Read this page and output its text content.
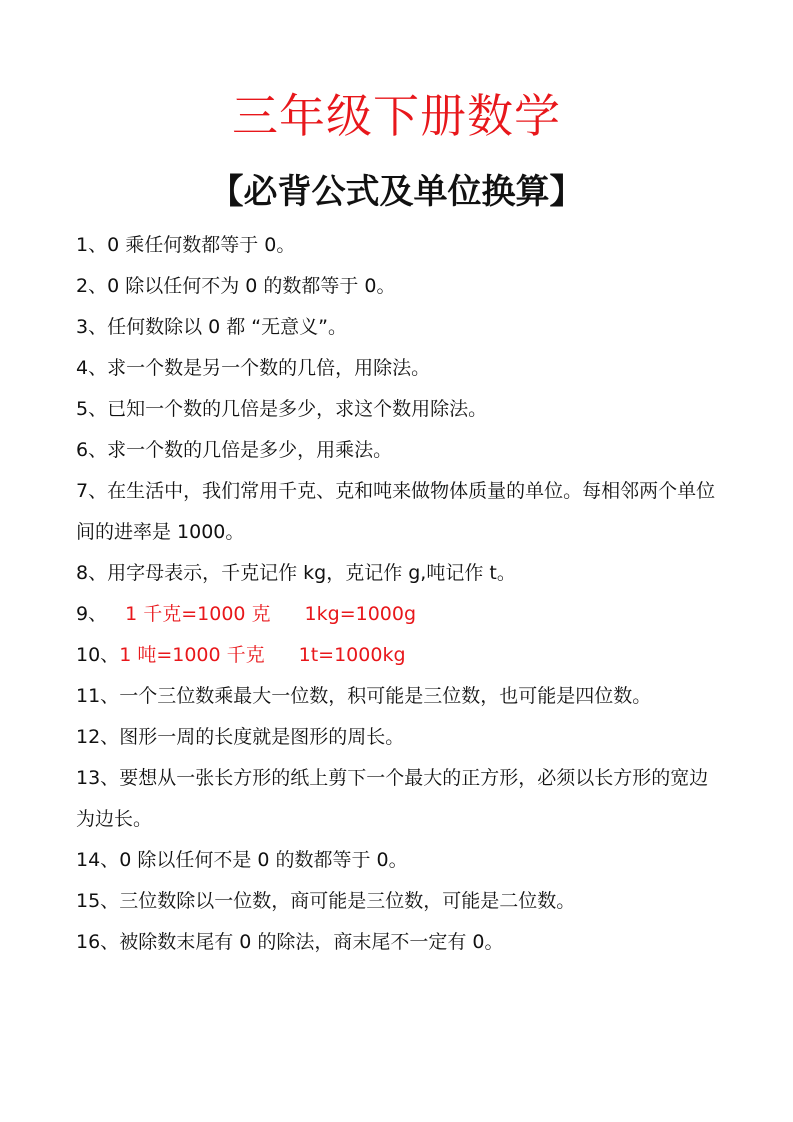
三年级下册数学
【必背公式及单位换算】
1、0 乘任何数都等于 0。
2、0 除以任何不为 0 的数都等于 0。
3、任何数除以 0 都 “无意义”。
4、求一个数是另一个数的几倍，用除法。
5、已知一个数的几倍是多少，求这个数用除法。
6、求一个数的几倍是多少，用乘法。
7、在生活中，我们常用千克、克和吨来做物体质量的单位。每相邻两个单位间的进率是 1000。
8、用字母表示，千克记作 kg，克记作 g,吨记作 t。
9、 1 千克=1000 克 1kg=1000g
10、1 吨=1000 千克 1t=1000kg
11、一个三位数乘最大一位数，积可能是三位数，也可能是四位数。
12、图形一周的长度就是图形的周长。
13、要想从一张长方形的纸上剪下一个最大的正方形，必须以长方形的宽边为边长。
14、0 除以任何不是 0 的数都等于 0。
15、三位数除以一位数，商可能是三位数，可能是二位数。
16、被除数末尾有 0 的除法，商末尾不一定有 0。
